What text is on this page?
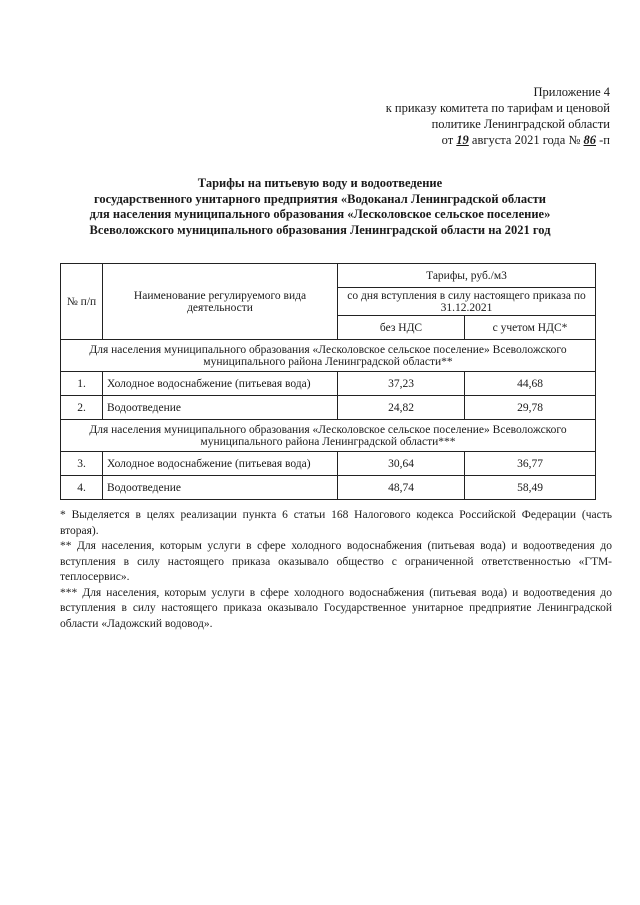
Приложение 4
к приказу комитета по тарифам и ценовой
политике Ленинградской области
от 19 августа 2021 года № 86 -п
Тарифы на питьевую воду и водоотведение
государственного унитарного предприятия «Водоканал Ленинградской области
для населения муниципального образования «Лесколовское сельское поселение»
Всеволожского муниципального образования Ленинградской области на 2021 год
№ п/п	Наименование регулируемого вида деятельности	Тарифы, руб./м3	
		со дня вступления в силу настоящего приказа по 31.12.2021	
		без НДС	с учетом НДС*
Для населения муниципального образования «Лесколовское сельское поселение» Всеволожского муниципального района Ленинградской области**			
1.	Холодное водоснабжение (питьевая вода)	37,23	44,68
2.	Водоотведение	24,82	29,78
Для населения муниципального образования «Лесколовское сельское поселение» Всеволожского муниципального района Ленинградской области***			
3.	Холодное водоснабжение (питьевая вода)	30,64	36,77
4.	Водоотведение	48,74	58,49

* Выделяется в целях реализации пункта 6 статьи 168 Налогового кодекса Российской Федерации (часть вторая).

** Для населения, которым услуги в сфере холодного водоснабжения (питьевая вода) и водоотведения до вступления в силу настоящего приказа оказывало общество с ограниченной ответственностью «ГТМ-теплосервис».

*** Для населения, которым услуги в сфере холодного водоснабжения (питьевая вода) и водоотведения до вступления в силу настоящего приказа оказывало Государственное унитарное предприятие Ленинградской области «Ладожский водовод».
